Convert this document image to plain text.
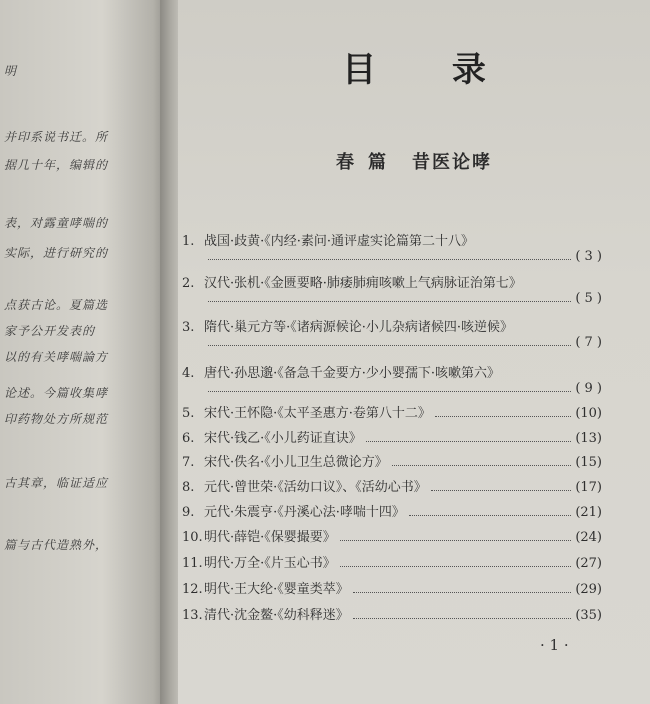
明
并印系说书迁。所
据几十年，编辑的
表，对露童哮喘的
实际，进行研究的
点获古论。夏篇选
家予公开发表的
以的有关哮喘論方
论述。今篇收集哮
印药物处方所规范
古其章，临证适应
篇与古代造熟外，
目 录
春 篇 昔医论哮
1. 战国·歧黄·《内经·素问·通评虚实论篇第二十八》
( 3 )
2. 汉代·张机·《金匮要略·肺痿肺痈咳嗽上气病脉证治第七》
( 5 )
3. 隋代·巢元方等·《诸病源候论·小儿杂病诸候四·咳逆候》
( 7 )
4. 唐代·孙思邈·《备急千金要方·少小婴孺下·咳嗽第六》
( 9 )
5. 宋代·王怀隐·《太平圣惠方·卷第八十二》	(10)
6. 宋代·钱乙·《小儿药证直诀》	(13)
7. 宋代·佚名·《小儿卫生总微论方》	(15)
8. 元代·曾世荣·《活幼口议》、《活幼心书》	(17)
9. 元代·朱震亨·《丹溪心法·哮喘十四》	(21)
10. 明代·薛铠·《保婴撮要》	(24)
11. 明代·万全·《片玉心书》	(27)
12. 明代·王大纶·《婴童类萃》	(29)
13. 清代·沈金鳌·《幼科释迷》	(35)
· 1 ·
